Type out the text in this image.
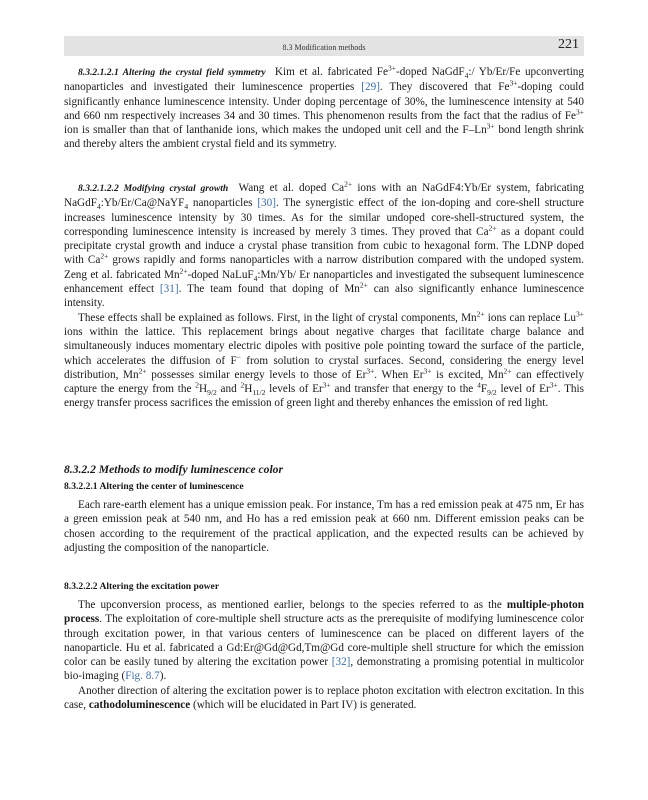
8.3 Modification methods	221

8.3.2.1.2.1 Altering the crystal field symmetry Kim et al. fabricated $Fe^{3+}$-doped NaGdF$_4$:/ Yb/Er/Fe upconverting nanoparticles and investigated their luminescence properties [29]. They discovered that $Fe^{3+}$-doping could significantly enhance luminescence intensity. Under doping percentage of 30%, the luminescence intensity at 540 and 660 nm respectively increases 34 and 30 times. This phenomenon results from the fact that the radius of $Fe^{3+}$ ion is smaller than that of lanthanide ions, which makes the undoped unit cell and the $F-Ln^{3+}$ bond length shrink and thereby alters the ambient crystal field and its symmetry.

8.3.2.1.2.2 Modifying crystal growth Wang et al. doped $Ca^{2+}$ ions with an NaGdF4:Yb/Er system, fabricating NaGdF$_4$:Yb/Er/Ca@NaYF$_4$ nanoparticles [30]. The synergistic effect of the ion-doping and core-shell structure increases luminescence intensity by 30 times. As for the similar undoped core-shell-structured system, the corresponding luminescence intensity is increased by merely 3 times. They proved that $Ca^{2+}$ as a dopant could precipitate crystal growth and induce a crystal phase transition from cubic to hexagonal form. The LDNP doped with $Ca^{2+}$ grows rapidly and forms nanoparticles with a narrow distribution compared with the undoped system. Zeng et al. fabricated $Mn^{2+}$-doped NaLuF$_4$:Mn/Yb/ Er nanoparticles and investigated the subsequent luminescence enhancement effect [31]. The team found that doping of $Mn^{2+}$ can also significantly enhance luminescence intensity.

These effects shall be explained as follows. First, in the light of crystal components, $Mn^{2+}$ ions can replace $Lu^{3+}$ ions within the lattice. This replacement brings about negative charges that facilitate charge balance and simultaneously induces momentary electric dipoles with positive pole pointing toward the surface of the particle, which accelerates the diffusion of F− from solution to crystal surfaces. Second, considering the energy level distribution, $Mn^{2+}$ possesses similar energy levels to those of $Er^{3+}$. When $Er^{3+}$ is excited, $Mn^{2+}$ can effectively capture the energy from the $^2H_{9/2}$ and $^2H_{11/2}$ levels of $Er^{3+}$ and transfer that energy to the $^4F_{9/2}$ level of $Er^{3+}$. This energy transfer process sacrifices the emission of green light and thereby enhances the emission of red light.

8.3.2.2 Methods to modify luminescence color
8.3.2.2.1 Altering the center of luminescence

Each rare-earth element has a unique emission peak. For instance, Tm has a red emission peak at 475 nm, Er has a green emission peak at 540 nm, and Ho has a red emission peak at 660 nm. Different emission peaks can be chosen according to the requirement of the practical application, and the expected results can be achieved by adjusting the composition of the nanoparticle.

8.3.2.2.2 Altering the excitation power

The upconversion process, as mentioned earlier, belongs to the species referred to as the multiple-photon process. The exploitation of core-multiple shell structure acts as the prerequisite of modifying luminescence color through excitation power, in that various centers of luminescence can be placed on different layers of the nanoparticle. Hu et al. fabricated a Gd:Er@Gd@Gd,Tm@Gd core-multiple shell structure for which the emission color can be easily tuned by altering the excitation power [32], demonstrating a promising potential in multicolor bio-imaging (Fig. 8.7).

Another direction of altering the excitation power is to replace photon excitation with electron excitation. In this case, cathodoluminescence (which will be elucidated in Part IV) is generated.
